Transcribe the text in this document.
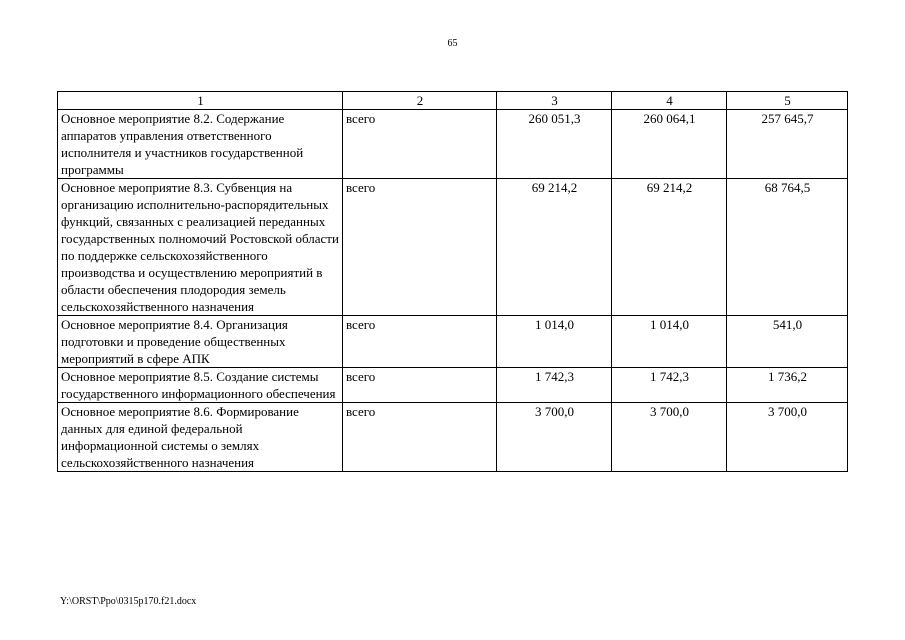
65
1	2	3	4	5
Основное мероприятие 8.2. Содержание аппаратов управления ответственного исполнителя и участников государственной программы	всего	260 051,3	260 064,1	257 645,7
Основное мероприятие 8.3. Субвенция на организацию исполнительно-распорядительных функций, связанных с реализацией переданных государственных полномочий Ростовской области по поддержке сельскохозяйственного производства и осуществлению мероприятий в области обеспечения плодородия земель сельскохозяйственного назначения	всего	69 214,2	69 214,2	68 764,5
Основное мероприятие 8.4. Организация подготовки и проведение общественных мероприятий в сфере АПК	всего	1 014,0	1 014,0	541,0
Основное мероприятие 8.5. Создание системы государственного информационного обеспечения	всего	1 742,3	1 742,3	1 736,2
Основное мероприятие 8.6. Формирование данных для единой федеральной информационной системы о землях сельскохозяйственного назначения	всего	3 700,0	3 700,0	3 700,0
Y:\ORST\Ppo\0315p170.f21.docx
